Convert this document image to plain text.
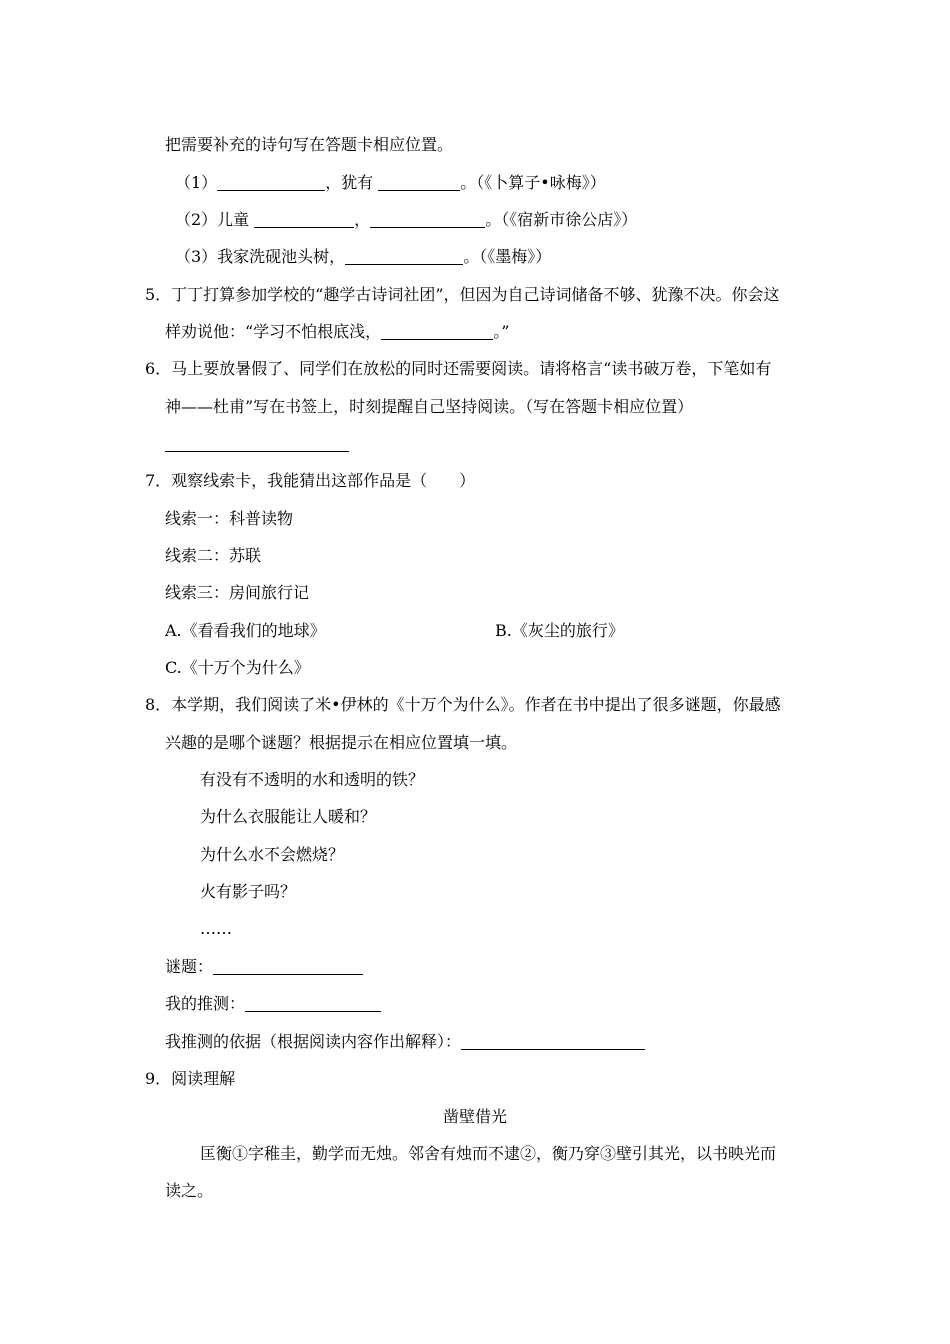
把需要补充的诗句写在答题卡相应位置。
（1）	，犹有	。（《卜算子•咏梅》）
（2）儿童	，	。（《宿新市徐公店》）
（3）我家洗砚池头树，	。（《墨梅》）
5．丁丁打算参加学校的“趣学古诗词社团”，但因为自己诗词储备不够、犹豫不决。你会这
样劝说他：“学习不怕根底浅，	。”
6．马上要放暑假了、同学们在放松的同时还需要阅读。请将格言“读书破万卷，下笔如有
神——杜甫”写在书签上，时刻提醒自己坚持阅读。（写在答题卡相应位置）
7．观察线索卡，我能猜出这部作品是（　　）
线索一：科普读物
线索二：苏联
线索三：房间旅行记
A.《看看我们的地球》	B.《灰尘的旅行》
C.《十万个为什么》
8．本学期，我们阅读了米•伊林的《十万个为什么》。作者在书中提出了很多谜题，你最感
兴趣的是哪个谜题？根据提示在相应位置填一填。
有没有不透明的水和透明的铁？
为什么衣服能让人暖和？
为什么水不会燃烧？
火有影子吗？
……
谜题：
我的推测：
我推测的依据（根据阅读内容作出解释）：
9．阅读理解
凿壁借光
匡衡①字稚圭，勤学而无烛。邻舍有烛而不逮②，衡乃穿③壁引其光，以书映光而
读之。
